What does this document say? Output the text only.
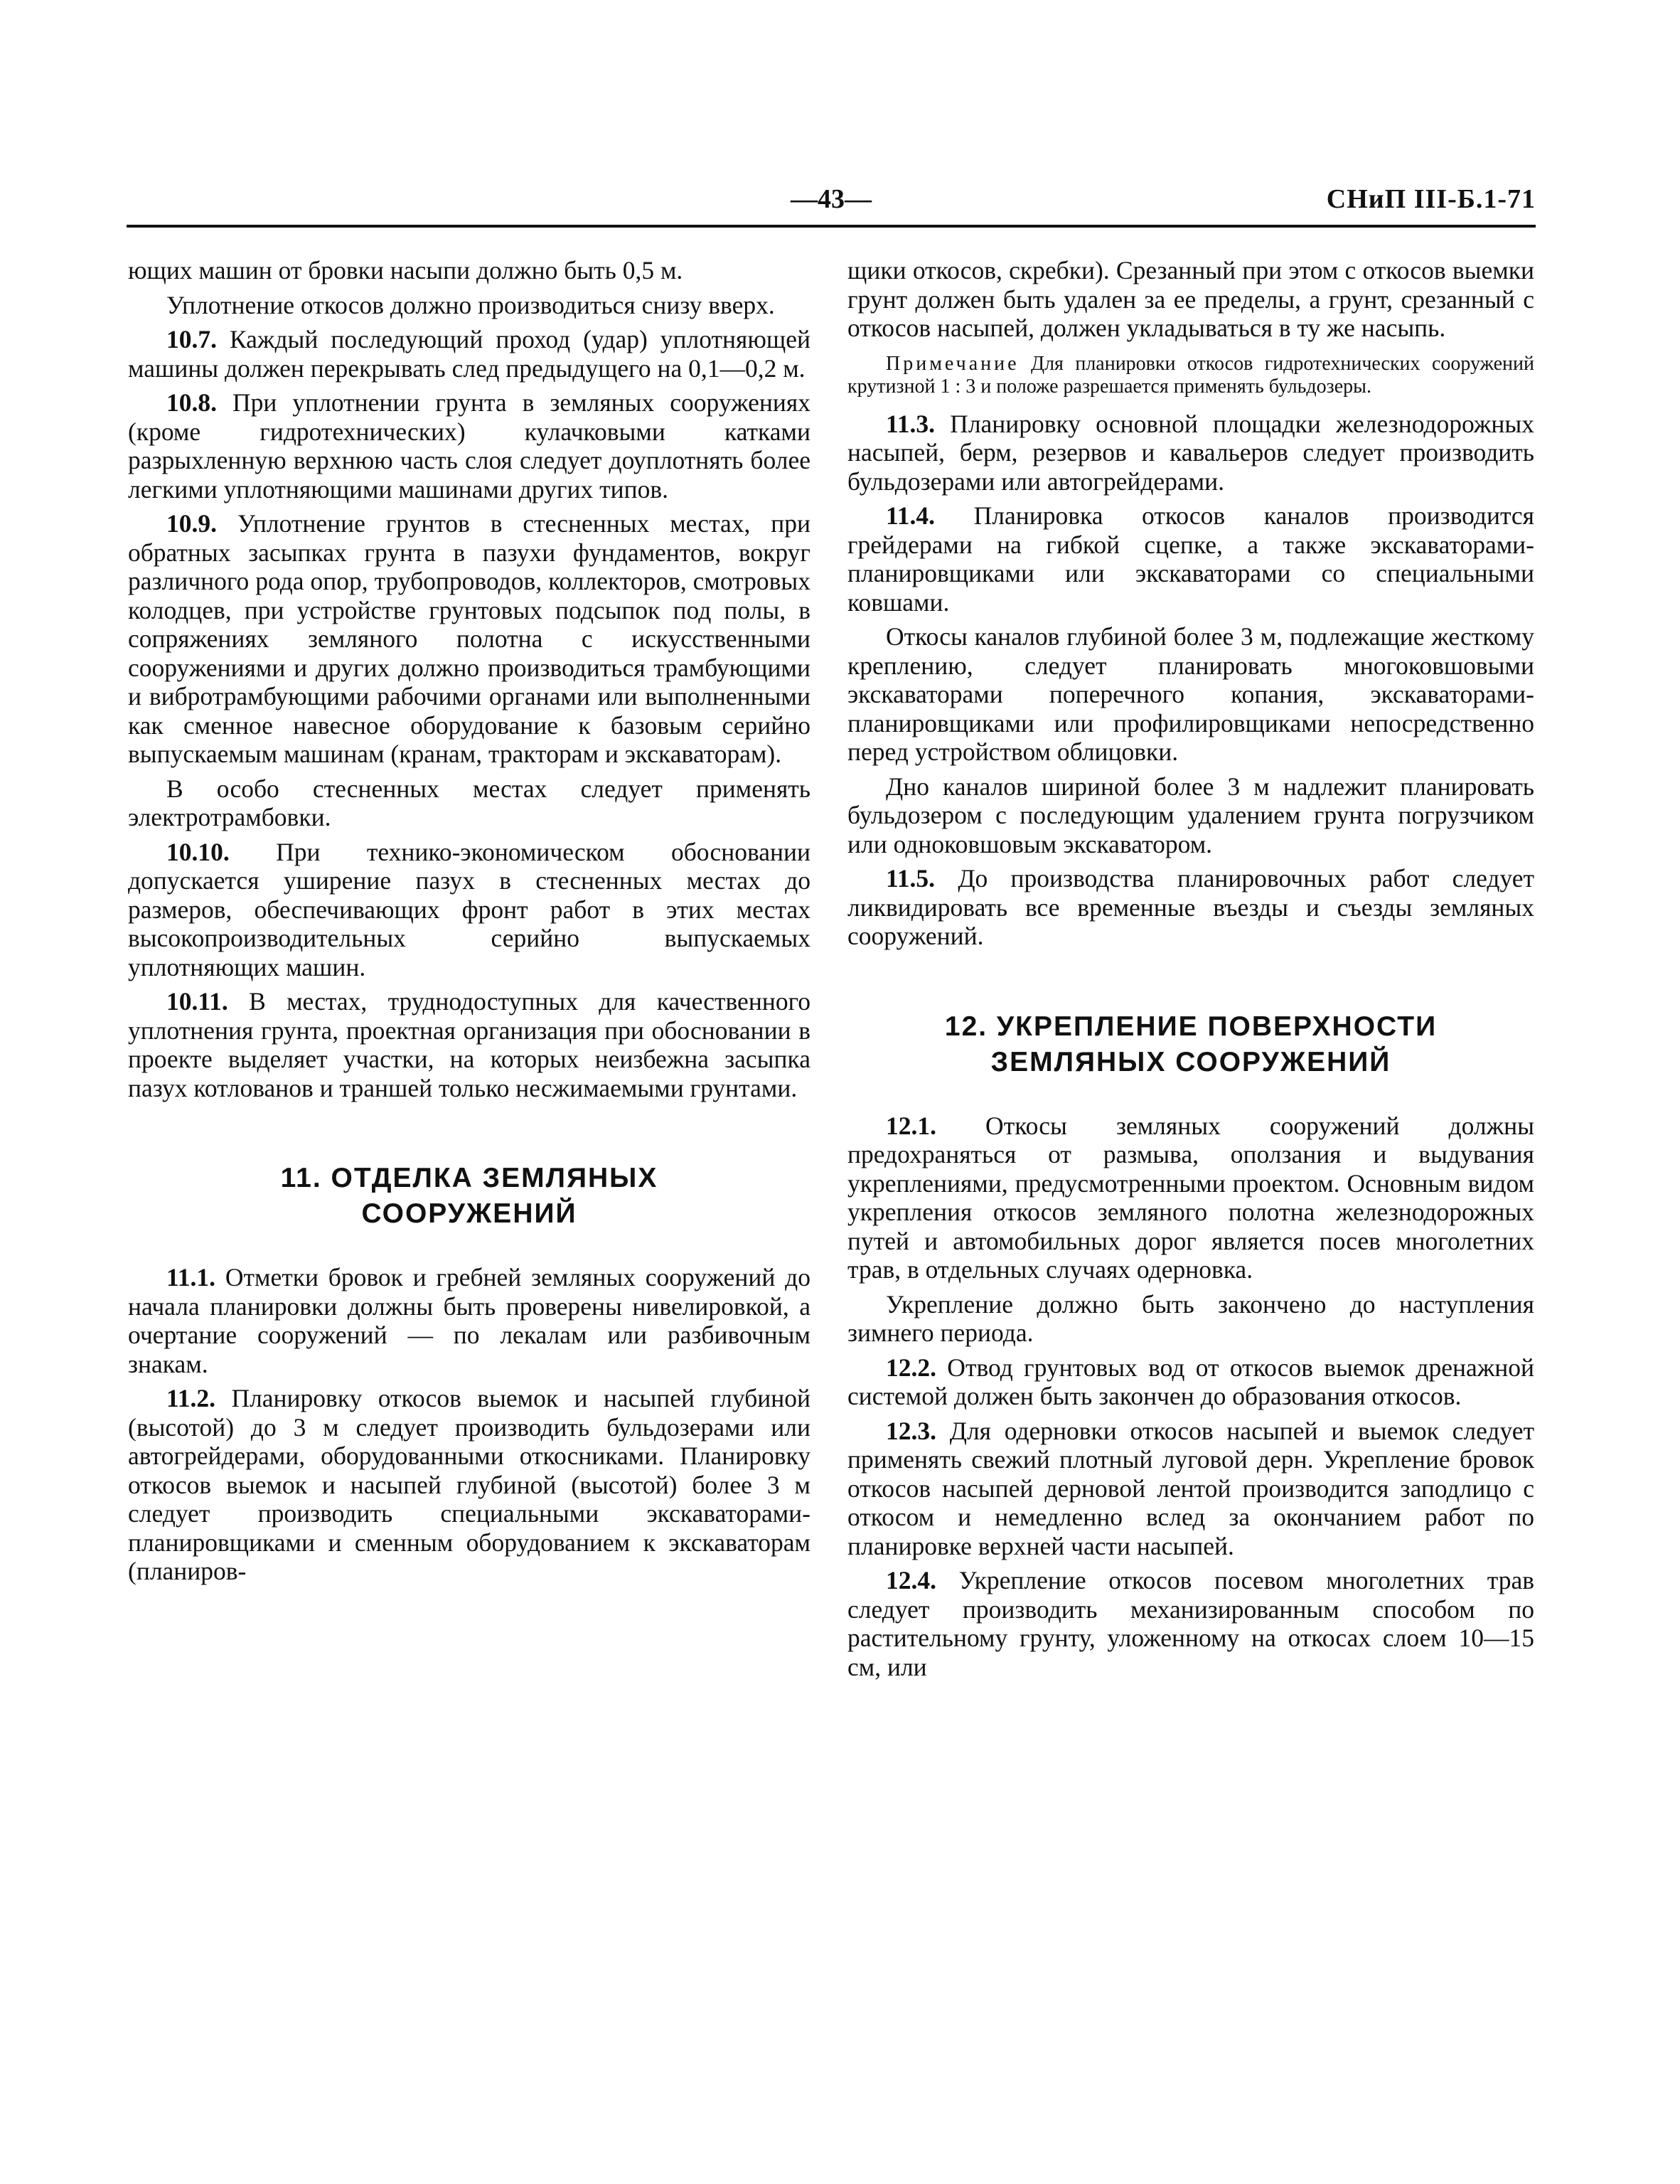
—43—	СНиП III-Б.1-71

ющих машин от бровки насыпи должно быть 0,5 м.

Уплотнение откосов должно производиться снизу вверх.

10.7. Каждый последующий проход (удар) уплотняющей машины должен перекрывать след предыдущего на 0,1—0,2 м.

10.8. При уплотнении грунта в земляных сооружениях (кроме гидротехнических) кулачковыми катками разрыхленную верхнюю часть слоя следует доуплотнять более легкими уплотняющими машинами других типов.

10.9. Уплотнение грунтов в стесненных местах, при обратных засыпках грунта в пазухи фундаментов, вокруг различного рода опор, трубопроводов, коллекторов, смотровых колодцев, при устройстве грунтовых подсыпок под полы, в сопряжениях земляного полотна с искусственными сооружениями и других должно производиться трамбующими и вибротрамбующими рабочими органами или выполненными как сменное навесное оборудование к базовым серийно выпускаемым машинам (кранам, тракторам и экскаваторам).

В особо стесненных местах следует применять электротрамбовки.

10.10. При технико-экономическом обосновании допускается уширение пазух в стесненных местах до размеров, обеспечивающих фронт работ в этих местах высокопроизводительных серийно выпускаемых уплотняющих машин.

10.11. В местах, труднодоступных для качественного уплотнения грунта, проектная организация при обосновании в проекте выделяет участки, на которых неизбежна засыпка пазух котлованов и траншей только несжимаемыми грунтами.

11. ОТДЕЛКА ЗЕМЛЯНЫХ
СООРУЖЕНИЙ

11.1. Отметки бровок и гребней земляных сооружений до начала планировки должны быть проверены нивелировкой, а очертание сооружений — по лекалам или разбивочным знакам.

11.2. Планировку откосов выемок и насыпей глубиной (высотой) до 3 м следует производить бульдозерами или автогрейдерами, оборудованными откосниками. Планировку откосов выемок и насыпей глубиной (высотой) более 3 м следует производить специальными экскаваторами-планировщиками и сменным оборудованием к экскаваторам (планиров-

щики откосов, скребки). Срезанный при этом с откосов выемки грунт должен быть удален за ее пределы, а грунт, срезанный с откосов насыпей, должен укладываться в ту же насыпь.

Примечание Для планировки откосов гидротехнических сооружений крутизной 1 : 3 и положе разрешается применять бульдозеры.

11.3. Планировку основной площадки железнодорожных насыпей, берм, резервов и кавальеров следует производить бульдозерами или автогрейдерами.

11.4. Планировка откосов каналов производится грейдерами на гибкой сцепке, а также экскаваторами-планировщиками или экскаваторами со специальными ковшами.

Откосы каналов глубиной более 3 м, подлежащие жесткому креплению, следует планировать многоковшовыми экскаваторами поперечного копания, экскаваторами-планировщиками или профилировщиками непосредственно перед устройством облицовки.

Дно каналов шириной более 3 м надлежит планировать бульдозером с последующим удалением грунта погрузчиком или одноковшовым экскаватором.

11.5. До производства планировочных работ следует ликвидировать все временные въезды и съезды земляных сооружений.

12. УКРЕПЛЕНИЕ ПОВЕРХНОСТИ
ЗЕМЛЯНЫХ СООРУЖЕНИЙ

12.1. Откосы земляных сооружений должны предохраняться от размыва, оползания и выдувания укреплениями, предусмотренными проектом. Основным видом укрепления откосов земляного полотна железнодорожных путей и автомобильных дорог является посев многолетних трав, в отдельных случаях одерновка.

Укрепление должно быть закончено до наступления зимнего периода.

12.2. Отвод грунтовых вод от откосов выемок дренажной системой должен быть закончен до образования откосов.

12.3. Для одерновки откосов насыпей и выемок следует применять свежий плотный луговой дерн. Укрепление бровок откосов насыпей дерновой лентой производится заподлицо с откосом и немедленно вслед за окончанием работ по планировке верхней части насыпей.

12.4. Укрепление откосов посевом многолетних трав следует производить механизированным способом по растительному грунту, уложенному на откосах слоем 10—15 см, или
